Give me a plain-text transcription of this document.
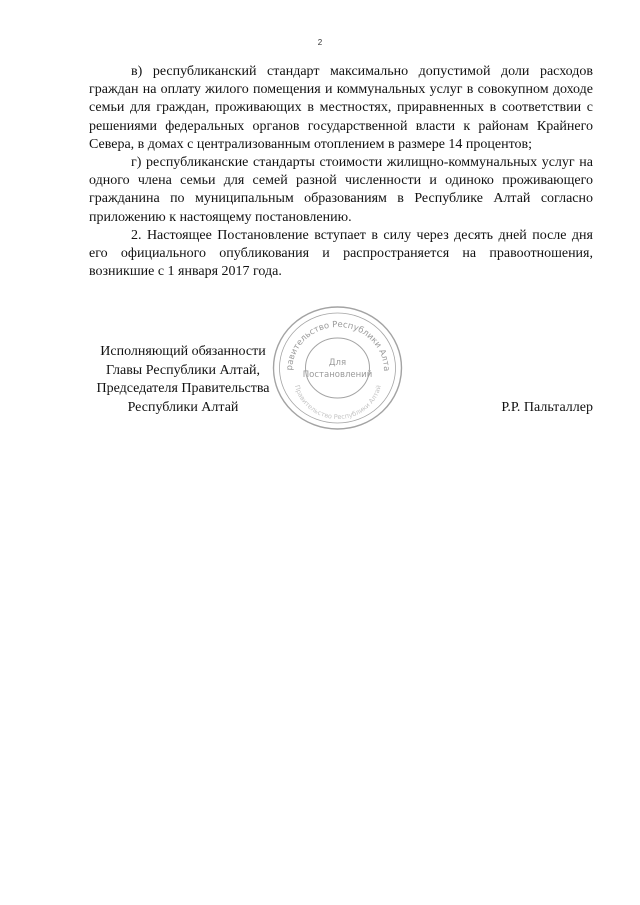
2

в) республиканский стандарт максимально допустимой доли расходов граждан на оплату жилого помещения и коммунальных услуг в совокупном доходе семьи для граждан, проживающих в местностях, приравненных в соответствии с решениями федеральных органов государственной власти к районам Крайнего Севера, в домах с централизованным отоплением в размере 14 процентов;

г) республиканские стандарты стоимости жилищно-коммунальных услуг на одного члена семьи для семей разной численности и одиноко проживающего гражданина по муниципальным образованиям в Республике Алтай согласно приложению к настоящему постановлению.

2. Настоящее Постановление вступает в силу через десять дней после дня его официального опубликования и распространяется на правоотношения, возникшие с 1 января 2017 года.

Исполняющий обязанности
Главы Республики Алтай,
Председателя Правительства
Республики Алтай	Р.Р. Пальталлер
равительство Республики Алта
Для
Постановлений
Правительство Республики Алтай
